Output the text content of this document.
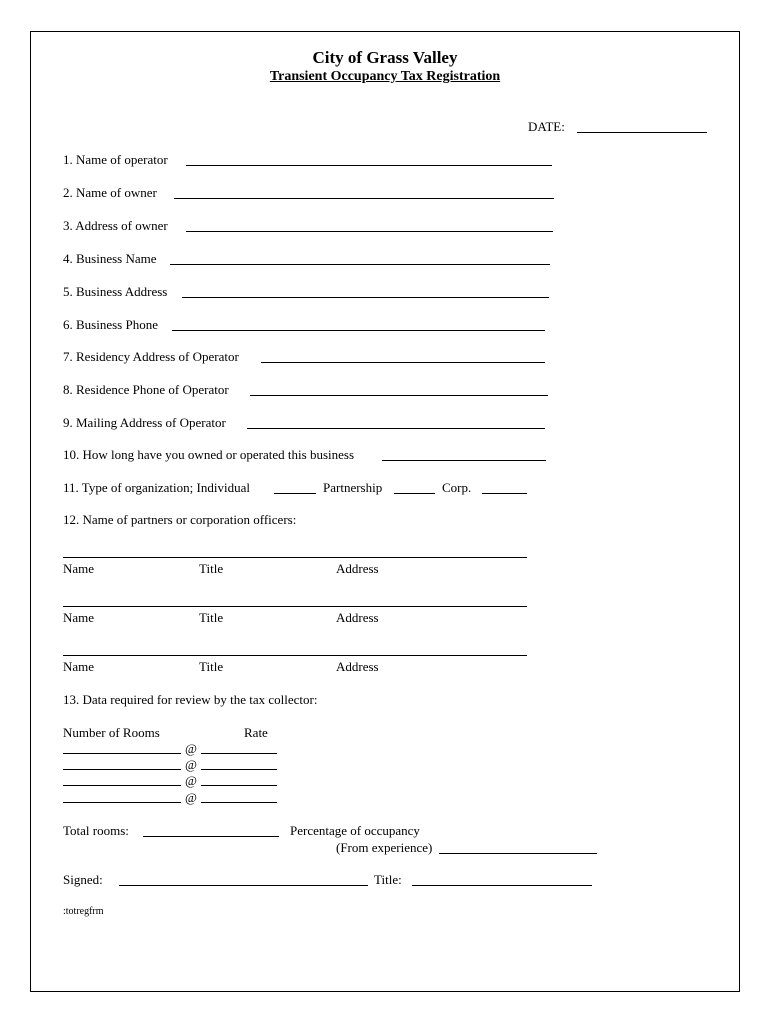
City of Grass Valley
Transient Occupancy Tax Registration
DATE:
1. Name of operator
2. Name of owner
3. Address of owner
4. Business Name
5. Business Address
6. Business Phone
7. Residency Address of Operator
8. Residence Phone of Operator
9. Mailing Address of Operator
10. How long have you owned or operated this business
11. Type of organization; Individual	Partnership	Corp.
12. Name of partners or corporation officers:
Name	Title	Address
Name	Title	Address
Name	Title	Address
13. Data required for review by the tax collector:
Number of Rooms	Rate
@
@
@
@
Total rooms:	Percentage of occupancy
(From experience)
Signed:	Title:
:totregfrm
